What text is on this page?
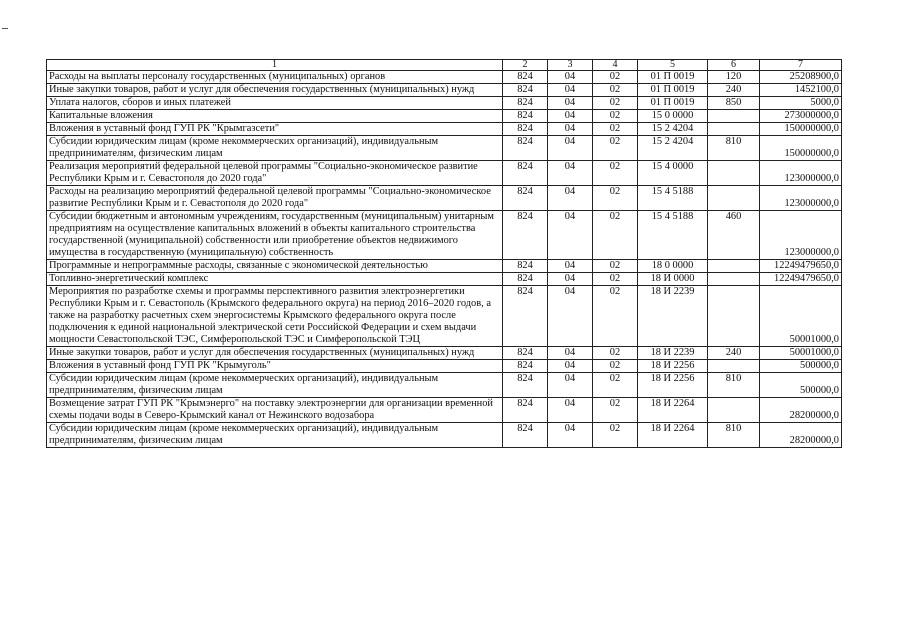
1	2	3	4	5	6	7
Расходы на выплаты персоналу государственных (муниципальных) органов	824	04	02	01 П 0019	120	25208900,0
Иные закупки товаров, работ и услуг для обеспечения государственных (муниципальных) нужд	824	04	02	01 П 0019	240	1452100,0
Уплата налогов, сборов и иных платежей	824	04	02	01 П 0019	850	5000,0
Капитальные вложения	824	04	02	15 0 0000		273000000,0
Вложения в уставный фонд ГУП РК "Крымгазсети"	824	04	02	15 2 4204		150000000,0
Субсидии юридическим лицам (кроме некоммерческих организаций), индивидуальным предпринимателям, физическим лицам	824	04	02	15 2 4204	810	150000000,0
Реализация мероприятий федеральной целевой программы "Социально-экономическое развитие Республики Крым и г. Севастополя до 2020 года"	824	04	02	15 4 0000		123000000,0
Расходы на реализацию мероприятий федеральной целевой программы "Социально-экономическое развитие Республики Крым и г. Севастополя до 2020 года"	824	04	02	15 4 5188		123000000,0
Субсидии бюджетным и автономным учреждениям, государственным (муниципальным) унитарным предприятиям на осуществление капитальных вложений в объекты капитального строительства государственной (муниципальной) собственности или приобретение объектов недвижимого имущества в государственную (муниципальную) собственность	824	04	02	15 4 5188	460	123000000,0
Программные и непрограммные расходы, связанные с экономической деятельностью	824	04	02	18 0 0000		12249479650,0
Топливно-энергетический комплекс	824	04	02	18 И 0000		12249479650,0
Мероприятия по разработке схемы и программы перспективного развития электроэнергетики Республики Крым и г. Севастополь (Крымского федерального округа) на период 2016–2020 годов, а также на разработку расчетных схем энергосистемы Крымского федерального округа после подключения к единой национальной электрической сети Российской Федерации и схем выдачи мощности Севастопольской ТЭС, Симферопольской ТЭС и Симферопольской ТЭЦ	824	04	02	18 И 2239		50001000,0
Иные закупки товаров, работ и услуг для обеспечения государственных (муниципальных) нужд	824	04	02	18 И 2239	240	50001000,0
Вложения в уставный фонд ГУП РК "Крымуголь"	824	04	02	18 И 2256		500000,0
Субсидии юридическим лицам (кроме некоммерческих организаций), индивидуальным предпринимателям, физическим лицам	824	04	02	18 И 2256	810	500000,0
Возмещение затрат ГУП РК "Крымэнерго" на поставку электроэнергии для организации временной схемы подачи воды в Северо-Крымский канал от Нежинского водозабора	824	04	02	18 И 2264		28200000,0
Субсидии юридическим лицам (кроме некоммерческих организаций), индивидуальным предпринимателям, физическим лицам	824	04	02	18 И 2264	810	28200000,0
